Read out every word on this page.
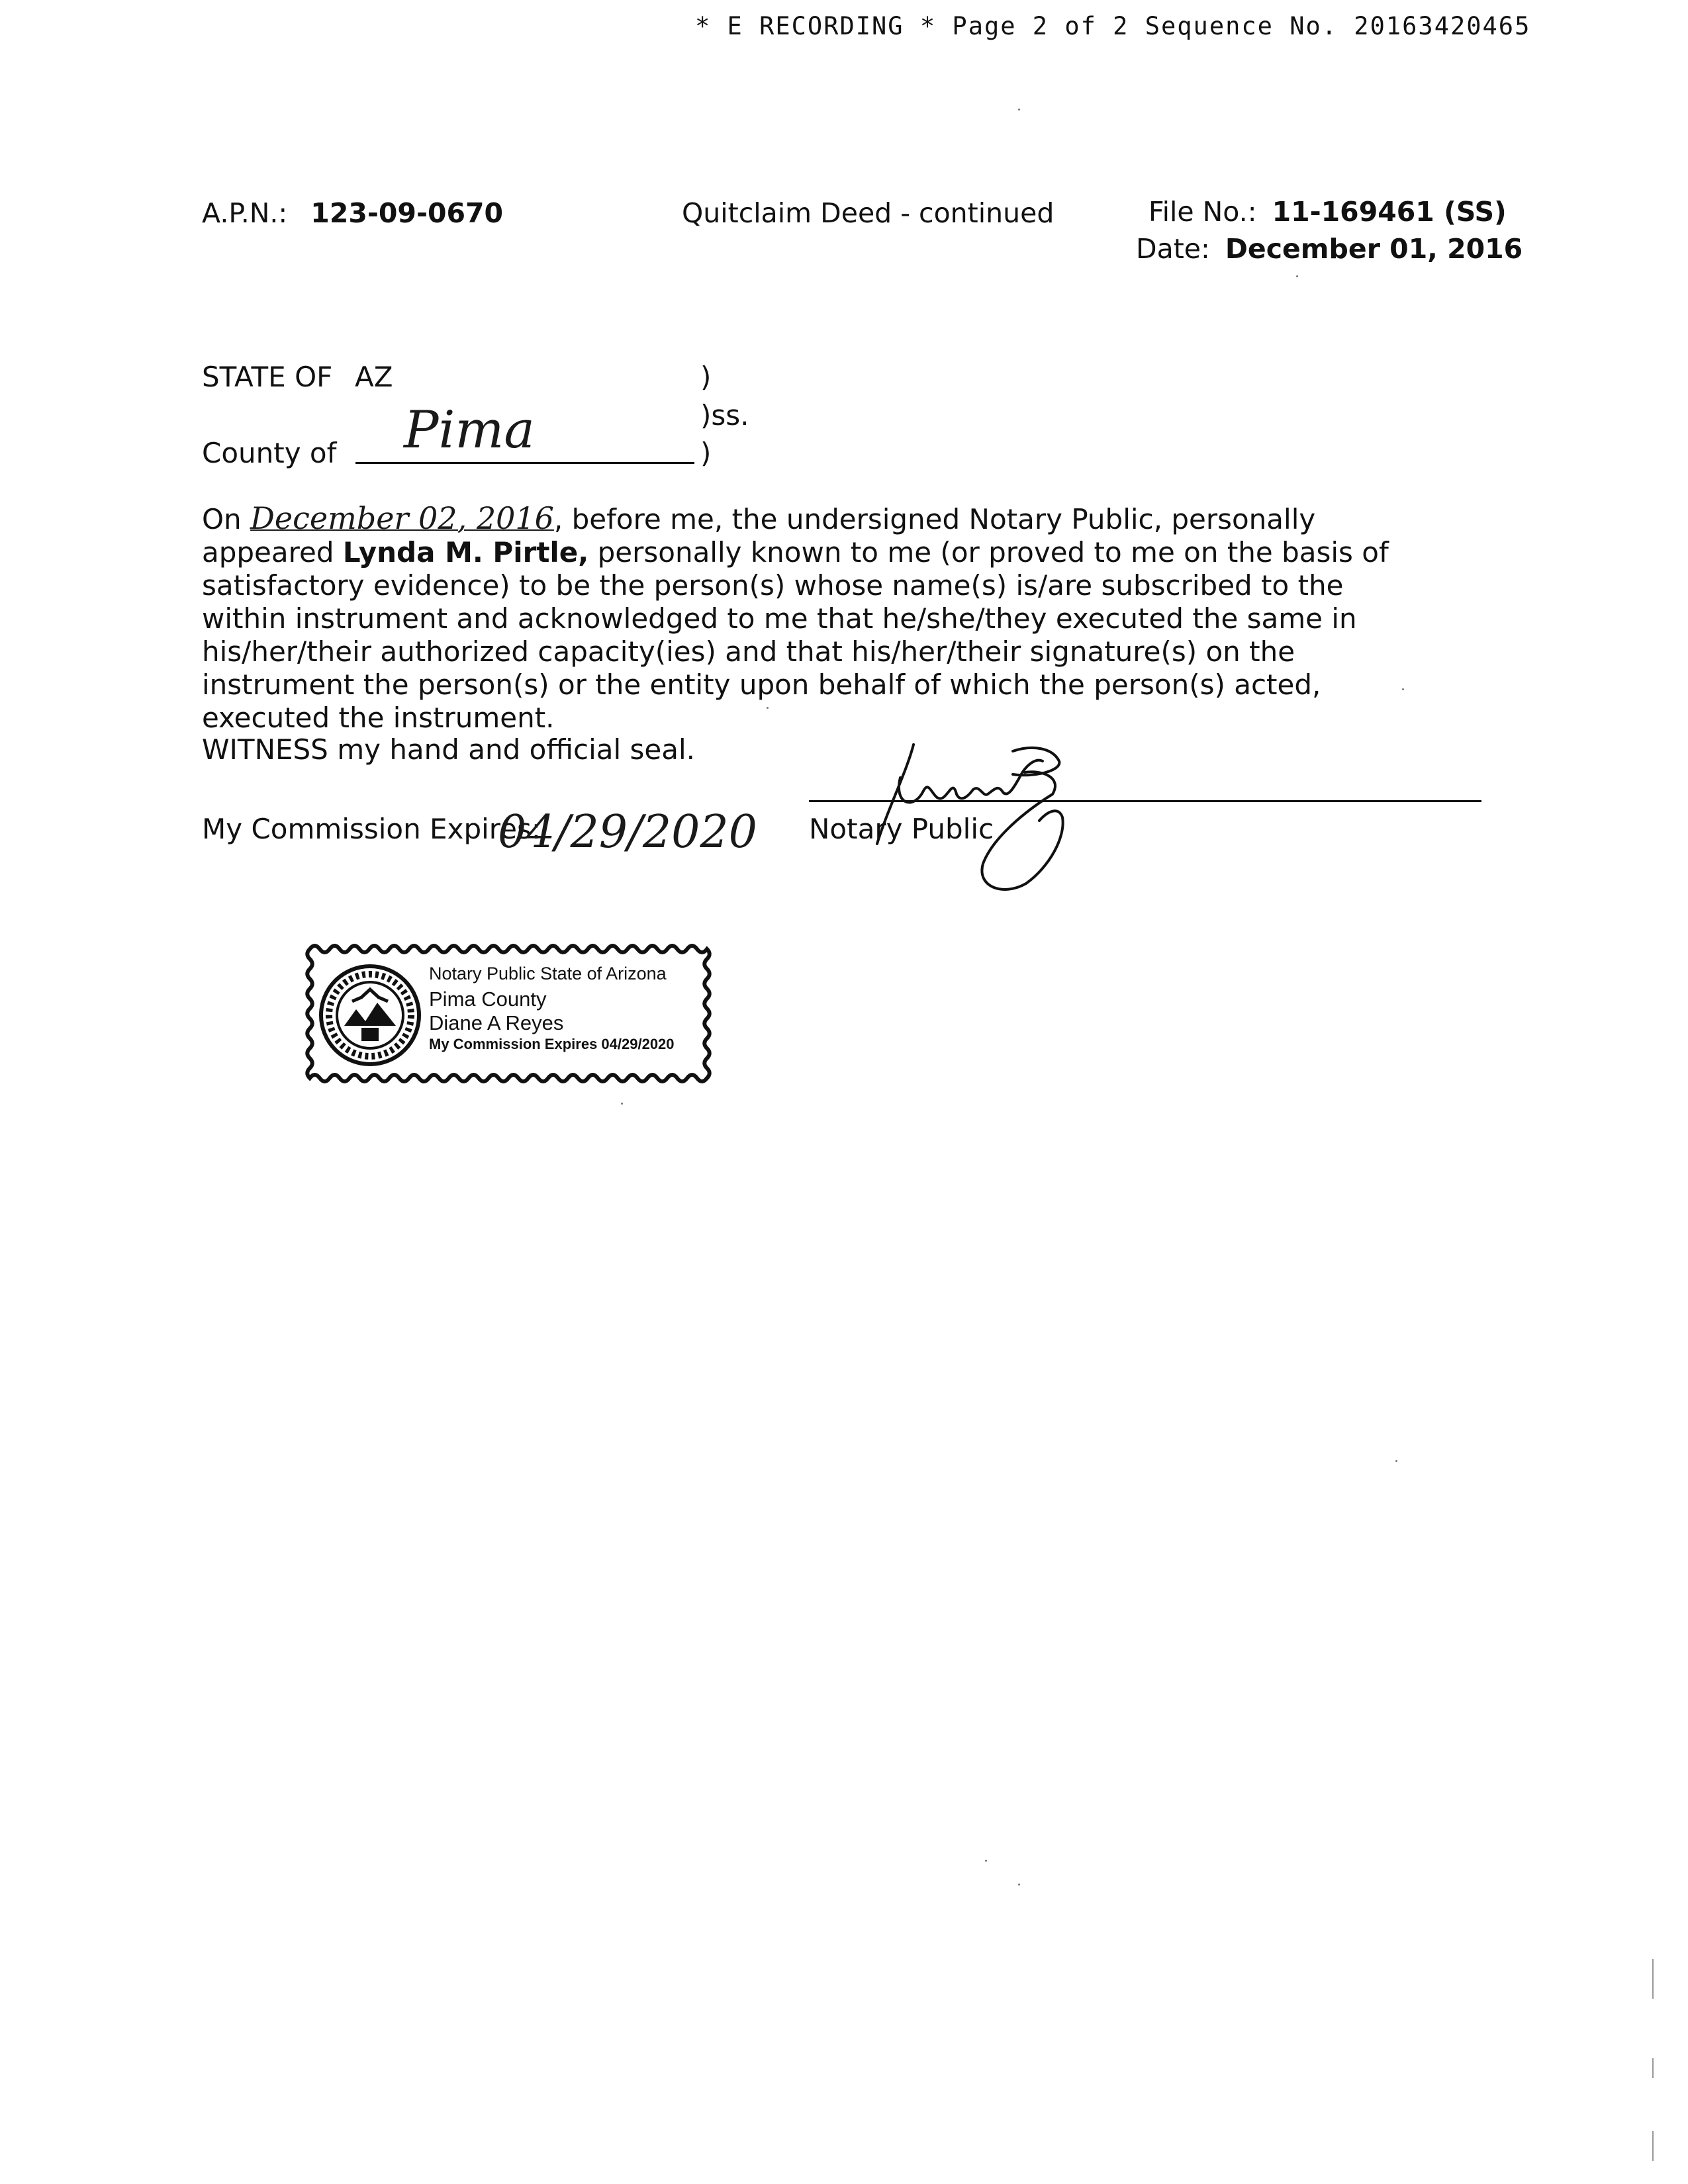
* E RECORDING * Page 2 of 2 Sequence No. 20163420465
A.P.N.: 123-09-0670	Quitclaim Deed - continued	File No.: 11-169461 (SS)
Date: December 01, 2016
STATE OF AZ	)
)ss.
)
County of Pima
On December 02, 2016, before me, the undersigned Notary Public, personally appeared Lynda M. Pirtle, personally known to me (or proved to me on the basis of satisfactory evidence) to be the person(s) whose name(s) is/are subscribed to the within instrument and acknowledged to me that he/she/they executed the same in his/her/their authorized capacity(ies) and that his/her/their signature(s) on the instrument the person(s) or the entity upon behalf of which the person(s) acted, executed the instrument.
WITNESS my hand and official seal.
My Commission Expires:
04/29/2020 Notary Public
Notary Public State of Arizona
Pima County
Diane A Reyes
My Commission Expires 04/29/2020
